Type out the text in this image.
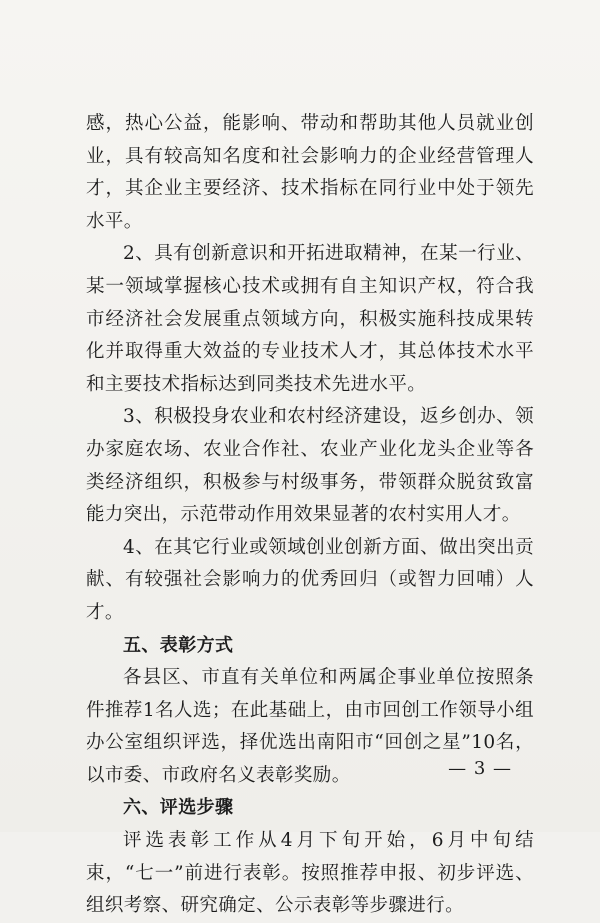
感，热心公益，能影响、带动和帮助其他人员就业创业，具有较高知名度和社会影响力的企业经营管理人才，其企业主要经济、技术指标在同行业中处于领先水平。

2、具有创新意识和开拓进取精神，在某一行业、某一领域掌握核心技术或拥有自主知识产权，符合我市经济社会发展重点领域方向，积极实施科技成果转化并取得重大效益的专业技术人才，其总体技术水平和主要技术指标达到同类技术先进水平。

3、积极投身农业和农村经济建设，返乡创办、领办家庭农场、农业合作社、农业产业化龙头企业等各类经济组织，积极参与村级事务，带领群众脱贫致富能力突出，示范带动作用效果显著的农村实用人才。

4、在其它行业或领域创业创新方面、做出突出贡献、有较强社会影响力的优秀回归（或智力回哺）人才。

五、表彰方式

各县区、市直有关单位和两属企事业单位按照条件推荐1名人选；在此基础上，由市回创工作领导小组办公室组织评选，择优选出南阳市“回创之星”10名，以市委、市政府名义表彰奖励。

六、评选步骤

评选表彰工作从4月下旬开始，6月中旬结束，“七一”前进行表彰。按照推荐申报、初步评选、组织考察、研究确定、公示表彰等步骤进行。

— 3 —
